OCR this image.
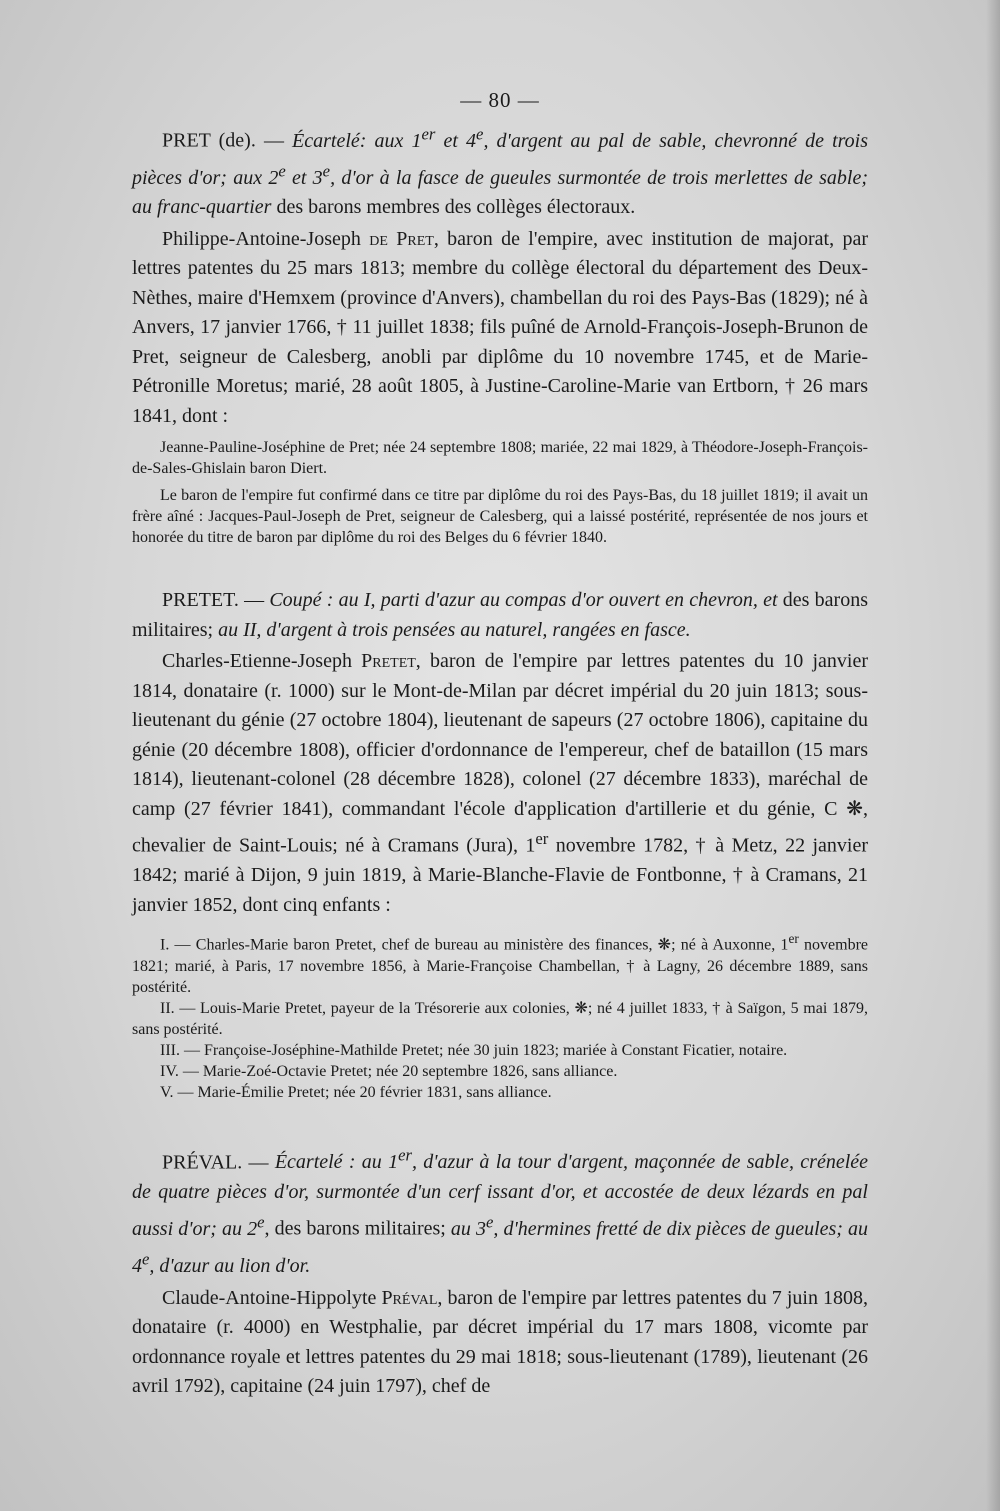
— 80 —

PRET (de). — Écartelé: aux 1er et 4e, d'argent au pal de sable, chevronné de trois pièces d'or; aux 2e et 3e, d'or à la fasce de gueules surmontée de trois merlettes de sable; au franc-quartier des barons membres des collèges électoraux.

Philippe-Antoine-Joseph de Pret, baron de l'empire, avec institution de majorat, par lettres patentes du 25 mars 1813; membre du collège électoral du département des Deux-Nèthes, maire d'Hemxem (province d'Anvers), chambellan du roi des Pays-Bas (1829); né à Anvers, 17 janvier 1766, † 11 juillet 1838; fils puîné de Arnold-François-Joseph-Brunon de Pret, seigneur de Calesberg, anobli par diplôme du 10 novembre 1745, et de Marie-Pétronille Moretus; marié, 28 août 1805, à Justine-Caroline-Marie van Ertborn, † 26 mars 1841, dont :

Jeanne-Pauline-Joséphine de Pret; née 24 septembre 1808; mariée, 22 mai 1829, à Théodore-Joseph-François-de-Sales-Ghislain baron Diert.

Le baron de l'empire fut confirmé dans ce titre par diplôme du roi des Pays-Bas, du 18 juillet 1819; il avait un frère aîné : Jacques-Paul-Joseph de Pret, seigneur de Calesberg, qui a laissé postérité, représentée de nos jours et honorée du titre de baron par diplôme du roi des Belges du 6 février 1840.

PRETET. — Coupé : au I, parti d'azur au compas d'or ouvert en chevron, et des barons militaires; au II, d'argent à trois pensées au naturel, rangées en fasce.

Charles-Etienne-Joseph Pretet, baron de l'empire par lettres patentes du 10 janvier 1814, donataire (r. 1000) sur le Mont-de-Milan par décret impérial du 20 juin 1813; sous-lieutenant du génie (27 octobre 1804), lieutenant de sapeurs (27 octobre 1806), capitaine du génie (20 décembre 1808), officier d'ordonnance de l'empereur, chef de bataillon (15 mars 1814), lieutenant-colonel (28 décembre 1828), colonel (27 décembre 1833), maréchal de camp (27 février 1841), commandant l'école d'application d'artillerie et du génie, C ❋, chevalier de Saint-Louis; né à Cramans (Jura), 1er novembre 1782, † à Metz, 22 janvier 1842; marié à Dijon, 9 juin 1819, à Marie-Blanche-Flavie de Fontbonne, † à Cramans, 21 janvier 1852, dont cinq enfants :

I. — Charles-Marie baron Pretet, chef de bureau au ministère des finances, ❋; né à Auxonne, 1er novembre 1821; marié, à Paris, 17 novembre 1856, à Marie-Françoise Chambellan, † à Lagny, 26 décembre 1889, sans postérité.
II. — Louis-Marie Pretet, payeur de la Trésorerie aux colonies, ❋; né 4 juillet 1833, † à Saïgon, 5 mai 1879, sans postérité.
III. — Françoise-Joséphine-Mathilde Pretet; née 30 juin 1823; mariée à Constant Ficatier, notaire.
IV. — Marie-Zoé-Octavie Pretet; née 20 septembre 1826, sans alliance.
V. — Marie-Émilie Pretet; née 20 février 1831, sans alliance.

PRÉVAL. — Écartelé : au 1er, d'azur à la tour d'argent, maçonnée de sable, crénelée de quatre pièces d'or, surmontée d'un cerf issant d'or, et accostée de deux lézards en pal aussi d'or; au 2e, des barons militaires; au 3e, d'hermines fretté de dix pièces de gueules; au 4e, d'azur au lion d'or.

Claude-Antoine-Hippolyte Préval, baron de l'empire par lettres patentes du 7 juin 1808, donataire (r. 4000) en Westphalie, par décret impérial du 17 mars 1808, vicomte par ordonnance royale et lettres patentes du 29 mai 1818; sous-lieutenant (1789), lieutenant (26 avril 1792), capitaine (24 juin 1797), chef de
